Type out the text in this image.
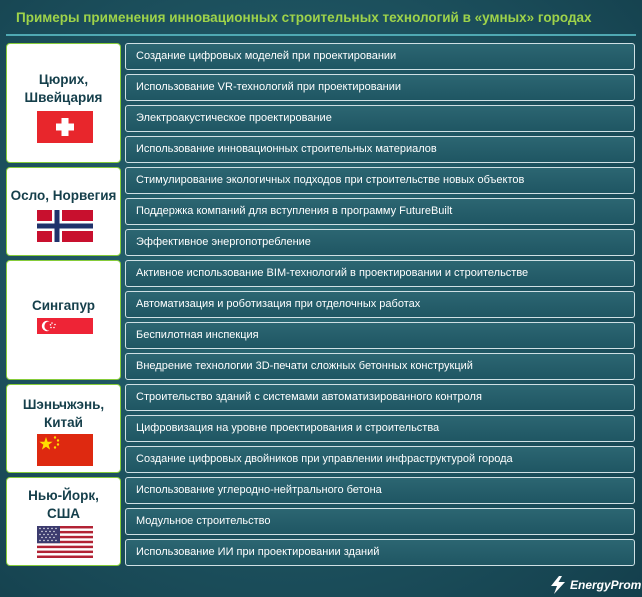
Примеры применения инновационных строительных технологий в «умных» городах
Цюрих,
Швейцария
Осло, Норвегия
Сингапур
Шэньчжэнь,
Китай
Нью-Йорк,
США
Создание цифровых моделей при проектировании
Использование VR-технологий при проектировании
Электроакустическое проектирование
Использование инновационных строительных материалов
Стимулирование экологичных подходов при строительстве новых объектов
Поддержка компаний для вступления в программу FutureBuilt
Эффективное энергопотребление
Активное использование BIM-технологий в проектировании и строительстве
Автоматизация и роботизация при отделочных работах
Беспилотная инспекция
Внедрение технологии 3D-печати сложных бетонных конструкций
Строительство зданий с системами автоматизированного контроля
Цифровизация на уровне проектирования и строительства
Создание цифровых двойников при управлении инфраструктурой города
Использование углеродно-нейтрального бетона
Модульное строительство
Использование ИИ при проектировании зданий
EnergyProm
